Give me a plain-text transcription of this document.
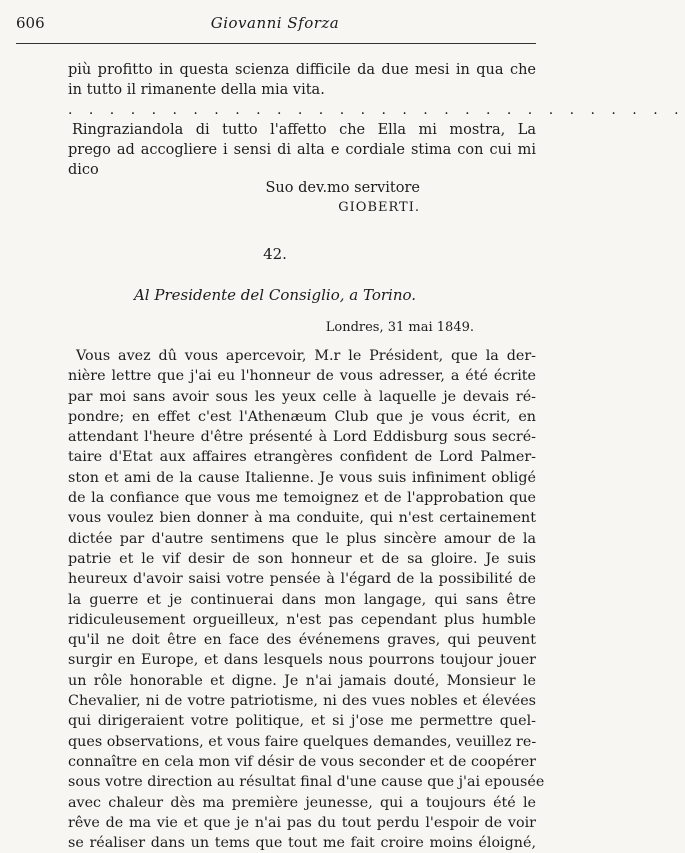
606	Giovanni Sforza
più profitto in questa scienza difficile da due mesi in qua che
in tutto il rimanente della mia vita.
. . . . . . . . . . . . . . . . . . . . . . . . . . . . . .
Ringraziandola di tutto l'affetto che Ella mi mostra, La
prego ad accogliere i sensi di alta e cordiale stima con cui mi
dico
Suo dev.mo servitore
GIOBERTI.
42.
Al Presidente del Consiglio, a Torino.
Londres, 31 mai 1849.
Vous avez dû vous apercevoir, M.r le Président, que la der-
nière lettre que j'ai eu l'honneur de vous adresser, a été écrite
par moi sans avoir sous les yeux celle à laquelle je devais ré-
pondre; en effet c'est l'Athenæum Club que je vous écrit, en
attendant l'heure d'être présenté à Lord Eddisburg sous secré-
taire d'Etat aux affaires etrangères confident de Lord Palmer-
ston et ami de la cause Italienne. Je vous suis infiniment obligé
de la confiance que vous me temoignez et de l'approbation que
vous voulez bien donner à ma conduite, qui n'est certainement
dictée par d'autre sentimens que le plus sincère amour de la
patrie et le vif desir de son honneur et de sa gloire. Je suis
heureux d'avoir saisi votre pensée à l'égard de la possibilité de
la guerre et je continuerai dans mon langage, qui sans être
ridiculeusement orgueilleux, n'est pas cependant plus humble
qu'il ne doit être en face des événemens graves, qui peuvent
surgir en Europe, et dans lesquels nous pourrons toujour jouer
un rôle honorable et digne. Je n'ai jamais douté, Monsieur le
Chevalier, ni de votre patriotisme, ni des vues nobles et élevées
qui dirigeraient votre politique, et si j'ose me permettre quel-
ques observations, et vous faire quelques demandes, veuillez re-
connaître en cela mon vif désir de vous seconder et de coopérer
sous votre direction au résultat final d'une cause que j'ai epousée
avec chaleur dès ma première jeunesse, qui a toujours été le
rêve de ma vie et que je n'ai pas du tout perdu l'espoir de voir
se réaliser dans un tems que tout me fait croire moins éloigné,
